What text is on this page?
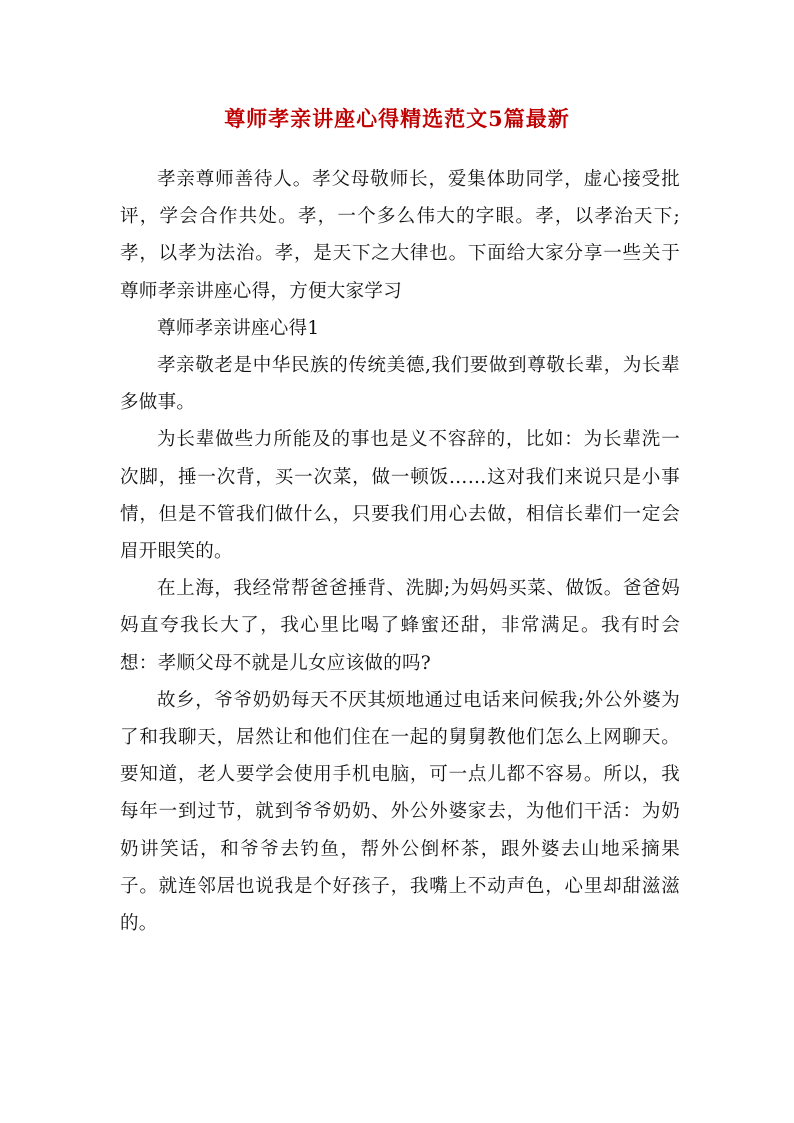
尊师孝亲讲座心得精选范文5篇最新

孝亲尊师善待人。孝父母敬师长，爱集体助同学，虚心接受批评，学会合作共处。孝，一个多么伟大的字眼。孝，以孝治天下;孝，以孝为法治。孝，是天下之大律也。下面给大家分享一些关于尊师孝亲讲座心得，方便大家学习

尊师孝亲讲座心得1

孝亲敬老是中华民族的传统美德,我们要做到尊敬长辈，为长辈多做事。

为长辈做些力所能及的事也是义不容辞的，比如：为长辈洗一次脚，捶一次背，买一次菜，做一顿饭……这对我们来说只是小事情，但是不管我们做什么，只要我们用心去做，相信长辈们一定会眉开眼笑的。

在上海，我经常帮爸爸捶背、洗脚;为妈妈买菜、做饭。爸爸妈妈直夸我长大了，我心里比喝了蜂蜜还甜，非常满足。我有时会想：孝顺父母不就是儿女应该做的吗?

故乡，爷爷奶奶每天不厌其烦地通过电话来问候我;外公外婆为了和我聊天，居然让和他们住在一起的舅舅教他们怎么上网聊天。要知道，老人要学会使用手机电脑，可一点儿都不容易。所以，我每年一到过节，就到爷爷奶奶、外公外婆家去，为他们干活：为奶奶讲笑话，和爷爷去钓鱼，帮外公倒杯茶，跟外婆去山地采摘果子。就连邻居也说我是个好孩子，我嘴上不动声色，心里却甜滋滋的。
